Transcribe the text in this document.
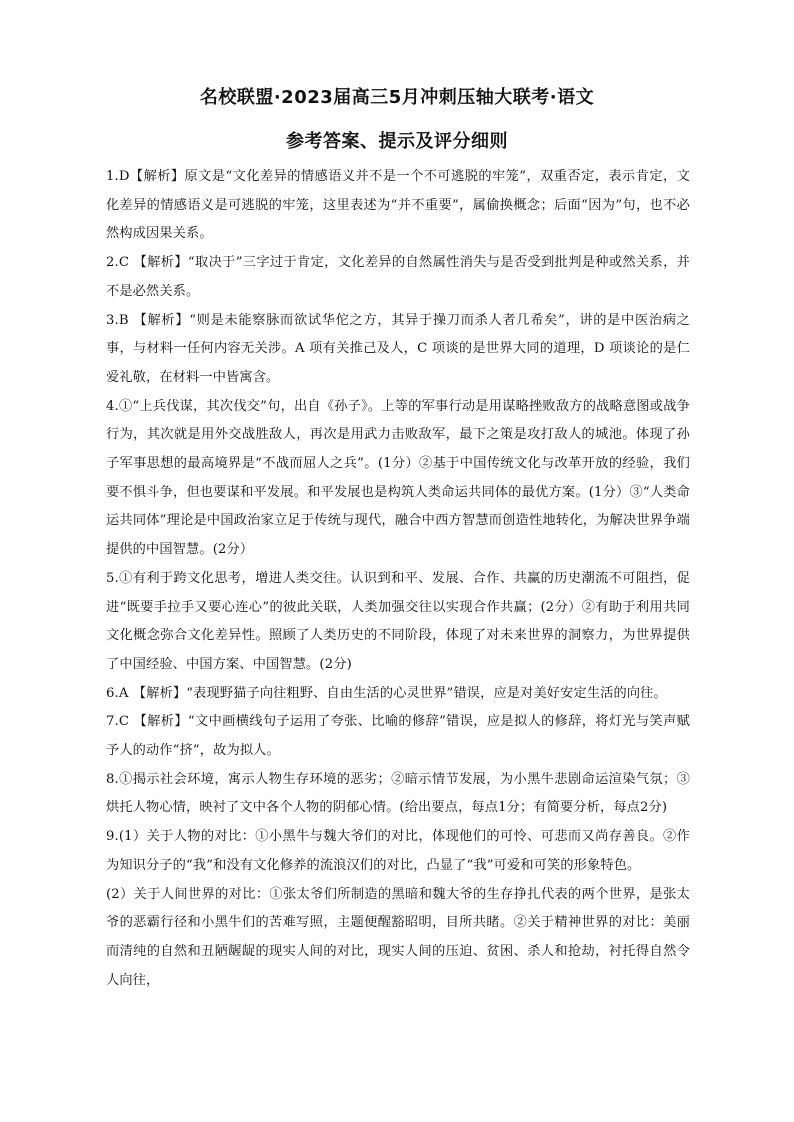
名校联盟·2023届高三5月冲刺压轴大联考·语文
参考答案、提示及评分细则

1.D【解析】原文是“文化差异的情感语义并不是一个不可逃脱的牢笼”，双重否定，表示肯定，文化差异的情感语义是可逃脱的牢笼，这里表述为“并不重要”，属偷换概念；后面“因为”句，也不必然构成因果关系。

2.C 【解析】“取决于”三字过于肯定，文化差异的自然属性消失与是否受到批判是种或然关系，并不是必然关系。

3.B 【解析】“则是未能察脉而欲试华佗之方，其异于操刀而杀人者几希矣”，讲的是中医治病之事，与材料一任何内容无关涉。A 项有关推己及人，C 项谈的是世界大同的道理，D 项谈论的是仁爱礼敬，在材料一中皆寓含。

4.①“上兵伐谋，其次伐交”句，出自《孙子》。上等的军事行动是用谋略挫败敌方的战略意图或战争行为，其次就是用外交战胜敌人，再次是用武力击败敌军，最下之策是攻打敌人的城池。体现了孙子军事思想的最高境界是“不战而屈人之兵”。(1分）②基于中国传统文化与改革开放的经验，我们要不惧斗争，但也要谋和平发展。和平发展也是构筑人类命运共同体的最优方案。(1分）③“人类命运共同体”理论是中国政治家立足于传统与现代，融合中西方智慧而创造性地转化，为解决世界争端提供的中国智慧。(2分）

5.①有利于跨文化思考，增进人类交往。认识到和平、发展、合作、共赢的历史潮流不可阻挡，促进“既要手拉手又要心连心”的彼此关联，人类加强交往以实现合作共赢；(2分）②有助于利用共同文化概念弥合文化差异性。照顾了人类历史的不同阶段，体现了对未来世界的洞察力，为世界提供了中国经验、中国方案、中国智慧。(2分)

6.A 【解析】“表现野猫子向往粗野、自由生活的心灵世界”错误，应是对美好安定生活的向往。

7.C 【解析】“文中画横线句子运用了夸张、比喻的修辞”错误，应是拟人的修辞，将灯光与笑声赋予人的动作“挤”，故为拟人。

8.①揭示社会环境，寓示人物生存环境的恶劣；②暗示情节发展，为小黑牛悲剧命运渲染气氛；③烘托人物心情，映衬了文中各个人物的阴郁心情。(给出要点，每点1分；有简要分析，每点2分)

9.(1）关于人物的对比：①小黑牛与魏大爷们的对比，体现他们的可怜、可悲而又尚存善良。②作为知识分子的“我”和没有文化修养的流浪汉们的对比，凸显了“我”可爱和可笑的形象特色。

(2）关于人间世界的对比：①张太爷们所制造的黑暗和魏大爷的生存挣扎代表的两个世界，是张太爷的恶霸行径和小黑牛们的苦难写照，主题便醒豁昭明，目所共睹。②关于精神世界的对比：美丽而清纯的自然和丑陋龌龊的现实人间的对比，现实人间的压迫、贫困、杀人和抢劫，衬托得自然令人向往，
